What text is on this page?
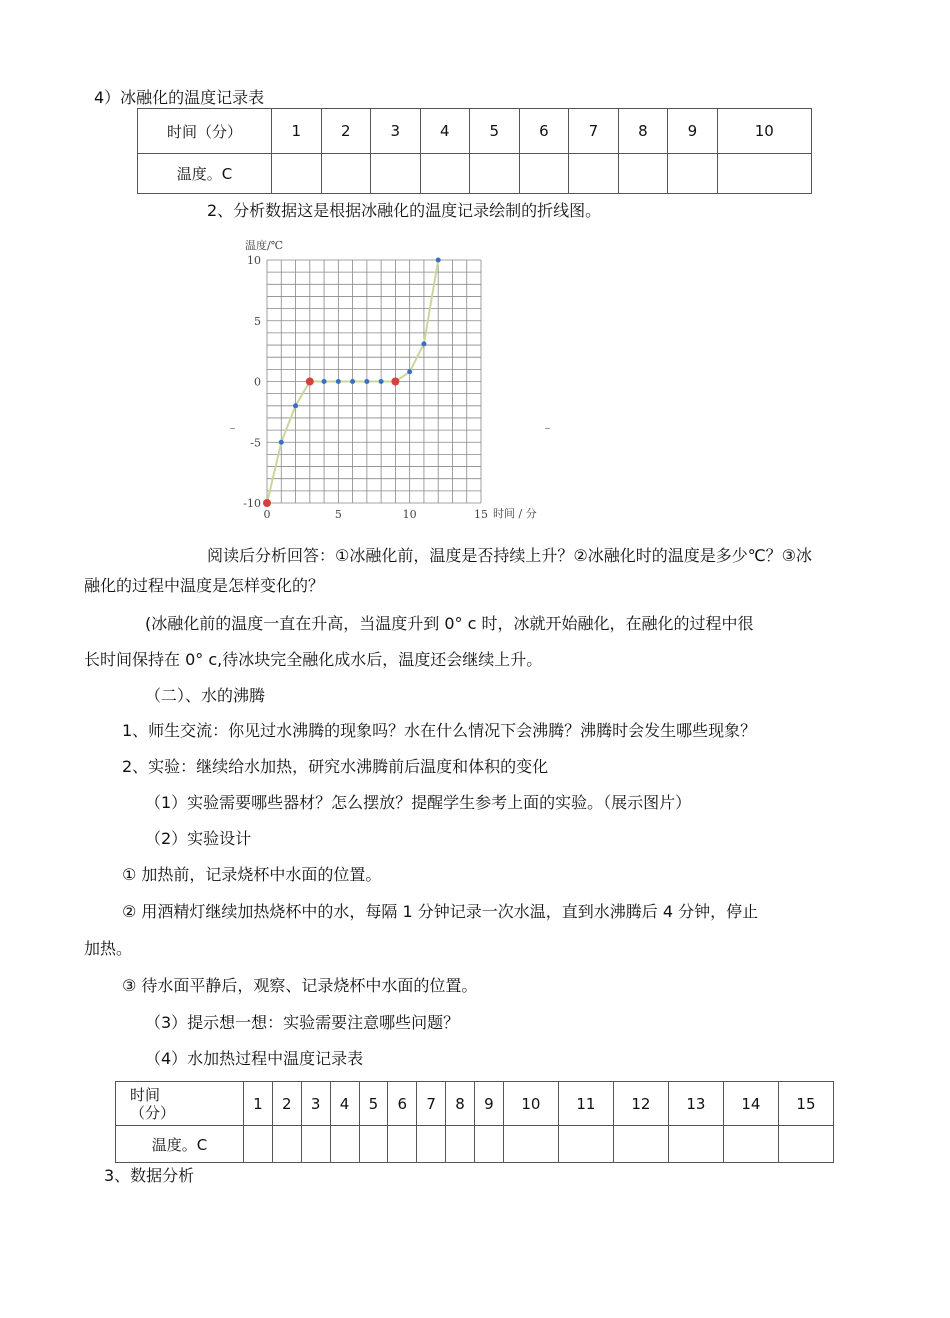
4）冰融化的温度记录表
时间（分）	1	2	3	4	5	6	7	8	9	10
温度。C										
2、分析数据这是根据冰融化的温度记录绘制的折线图。
温度/℃
时间 / 分
10
5
0
-5
-10
0	5	10	15
阅读后分析回答：①冰融化前，温度是否持续上升？②冰融化时的温度是多少℃？③冰
融化的过程中温度是怎样变化的？
(冰融化前的温度一直在升高，当温度升到 0° c 时，冰就开始融化，在融化的过程中很
长时间保持在 0° c,待冰块完全融化成水后，温度还会继续上升。
（二）、水的沸腾
1、师生交流：你见过水沸腾的现象吗？水在什么情况下会沸腾？沸腾时会发生哪些现象？
2、实验：继续给水加热，研究水沸腾前后温度和体积的变化
（1）实验需要哪些器材？怎么摆放？提醒学生参考上面的实验。（展示图片）
（2）实验设计
① 加热前，记录烧杯中水面的位置。
② 用酒精灯继续加热烧杯中的水，每隔 1 分钟记录一次水温，直到水沸腾后 4 分钟，停止
加热。
③ 待水面平静后，观察、记录烧杯中水面的位置。
（3）提示想一想：实验需要注意哪些问题？
（4）水加热过程中温度记录表
时间
（分）	1	2	3	4	5	6	7	8	9	10	11	12	13	14	15
温度。C															
3、数据分析
